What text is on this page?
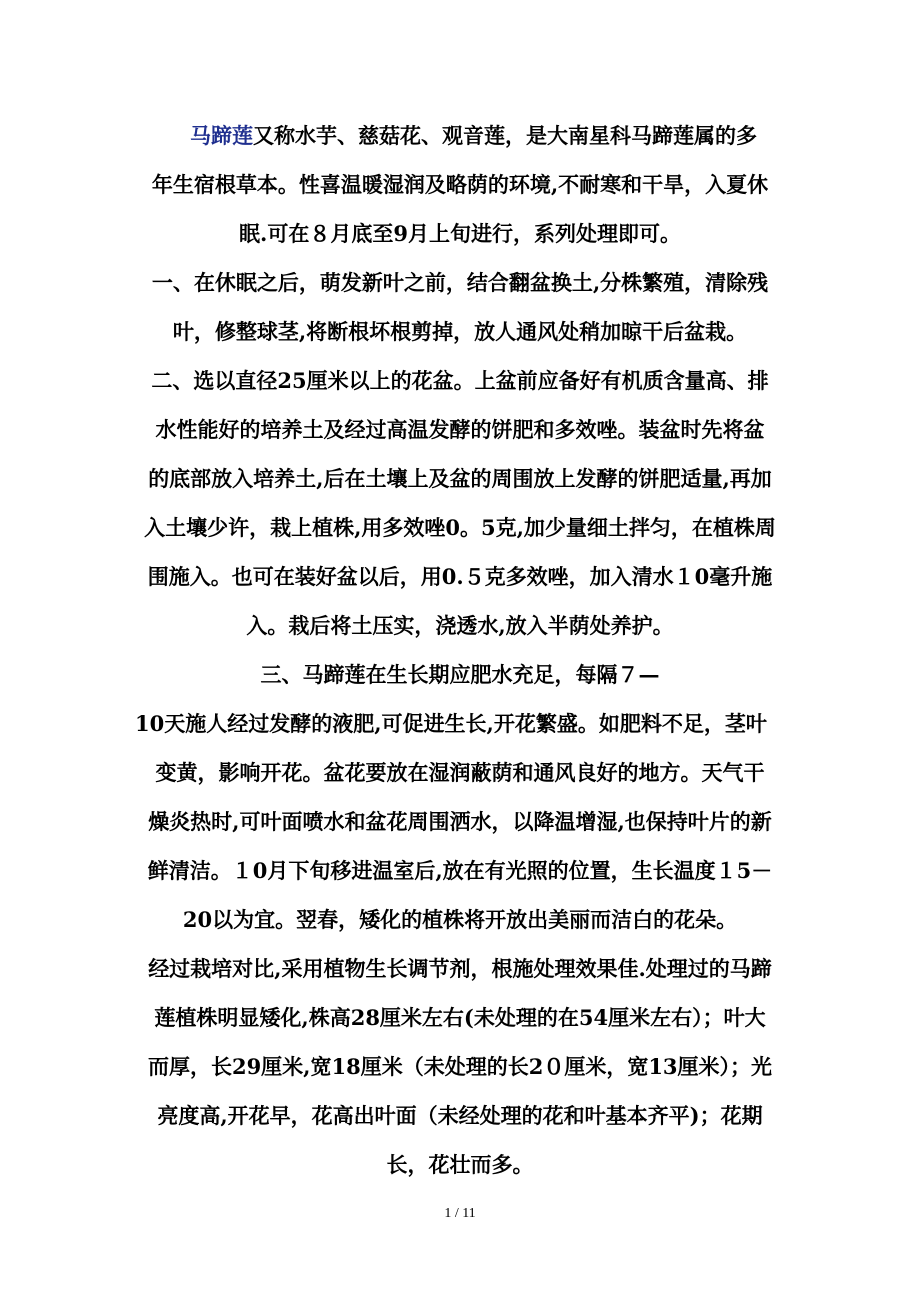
马蹄莲又称水芋、慈菇花、观音莲，是大南星科马蹄莲属的多
年生宿根草本。性喜温暖湿润及略荫的环境,不耐寒和干旱，入夏休
眠.可在８月底至9月上旬进行，系列处理即可。
一、在休眠之后，萌发新叶之前，结合翻盆换土,分株繁殖，清除残
叶，修整球茎,将断根坏根剪掉，放人通风处稍加晾干后盆栽。
二、选以直径25厘米以上的花盆。上盆前应备好有机质含量高、排
水性能好的培养土及经过高温发酵的饼肥和多效唑。装盆时先将盆
的底部放入培养土,后在土壤上及盆的周围放上发酵的饼肥适量,再加
入土壤少许，栽上植株,用多效唑0。5克,加少量细土拌匀，在植株周
围施入。也可在装好盆以后，用0.５克多效唑，加入清水１0毫升施
入。栽后将土压实，浇透水,放入半荫处养护。
三、马蹄莲在生长期应肥水充足，每隔７—
10天施人经过发酵的液肥,可促进生长,开花繁盛。如肥料不足，茎叶
变黄，影响开花。盆花要放在湿润蔽荫和通风良好的地方。天气干
燥炎热时,可叶面喷水和盆花周围洒水，以降温增湿,也保持叶片的新
鲜清洁。１0月下旬移进温室后,放在有光照的位置，生长温度１5－
20以为宜。翌春，矮化的植株将开放出美丽而洁白的花朵。
经过栽培对比,采用植物生长调节剂，根施处理效果佳.处理过的马蹄
莲植株明显矮化,株高28厘米左右(未处理的在54厘米左右）；叶大
而厚，长29厘米,宽18厘米（未处理的长2０厘米，宽13厘米）；光
亮度高,开花早，花高出叶面（未经处理的花和叶基本齐平)；花期
长，花壮而多。
1 / 11
